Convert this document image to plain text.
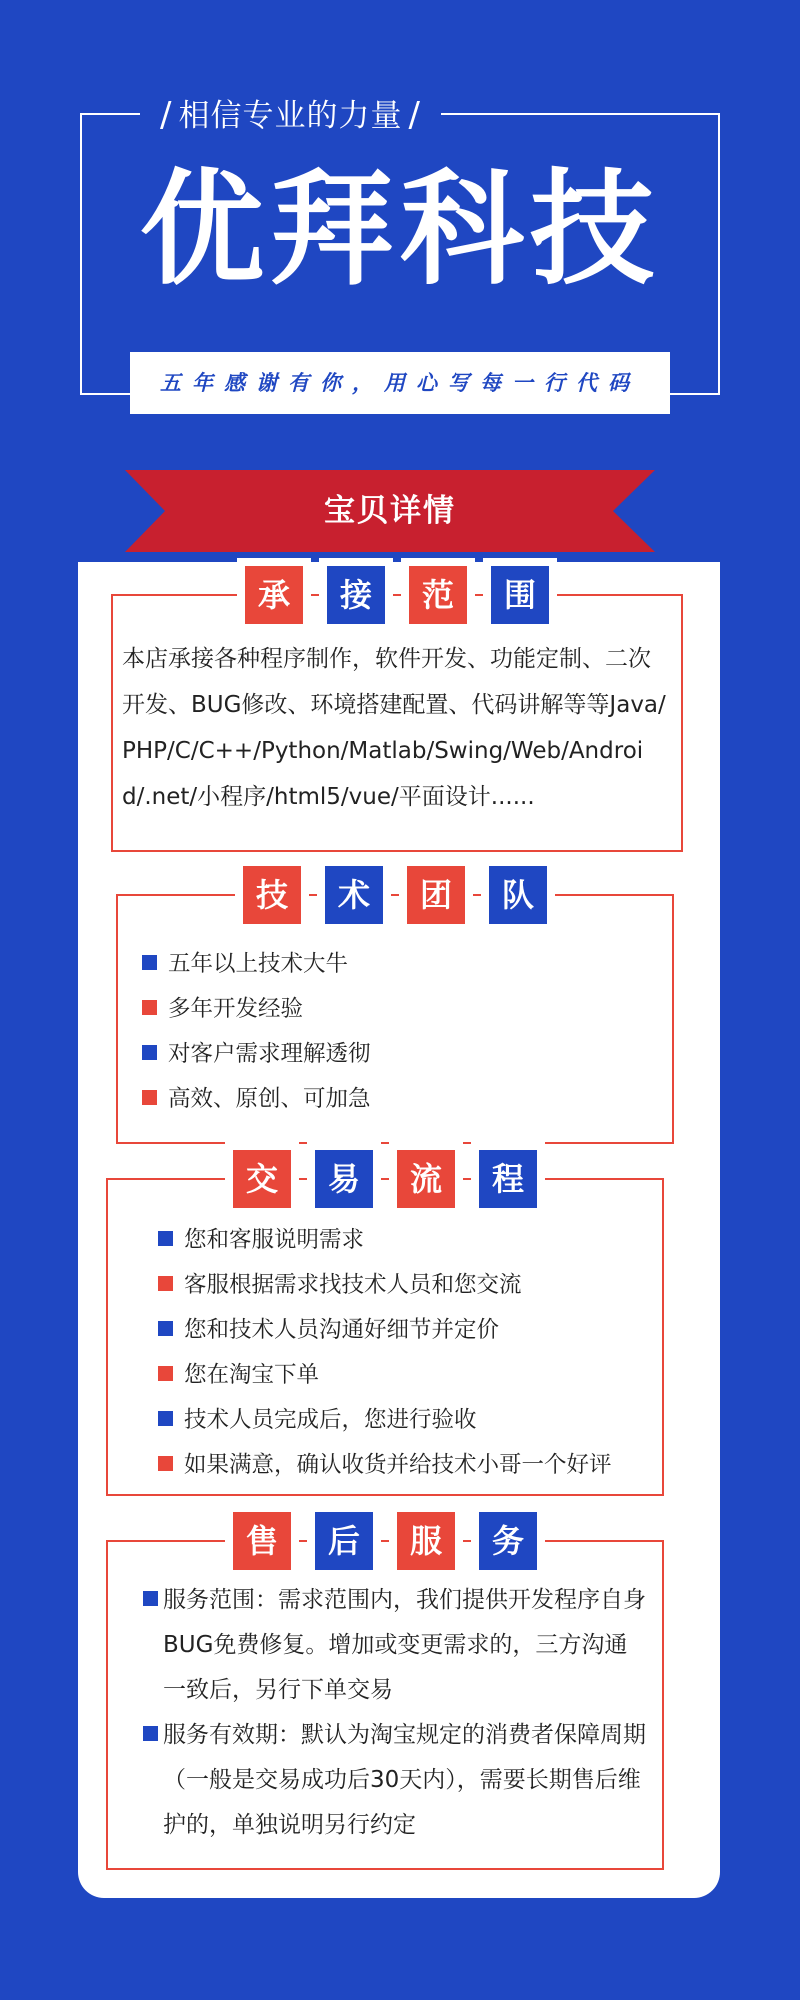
/ 相信专业的力量 /
优拜科技
五年感谢有你，用心写每一行代码
宝贝详情
承	接	范	围
本店承接各种程序制作，软件开发、功能定制、二次开发、BUG修改、环境搭建配置、代码讲解等等Java/PHP/C/C++/Python/Matlab/Swing/Web/Android/.net/小程序/html5/vue/平面设计......
技	术	团	队
五年以上技术大牛
多年开发经验
对客户需求理解透彻
高效、原创、可加急
交	易	流	程
您和客服说明需求
客服根据需求找技术人员和您交流
您和技术人员沟通好细节并定价
您在淘宝下单
技术人员完成后，您进行验收
如果满意，确认收货并给技术小哥一个好评
售	后	服	务
服务范围：需求范围内，我们提供开发程序自身BUG免费修复。增加或变更需求的，三方沟通一致后，另行下单交易
服务有效期：默认为淘宝规定的消费者保障周期（一般是交易成功后30天内），需要长期售后维护的，单独说明另行约定
